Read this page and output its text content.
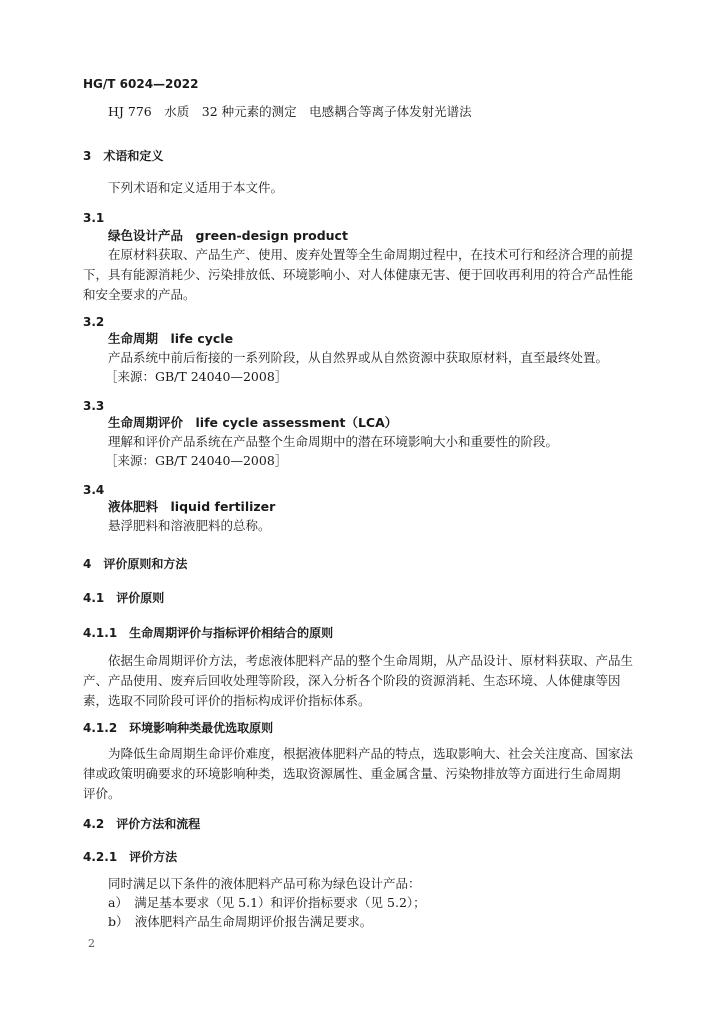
HG/T 6024—2022
HJ 776　水质　32 种元素的测定　电感耦合等离子体发射光谱法
3　术语和定义
下列术语和定义适用于本文件。
3.1
绿色设计产品　green-design product
在原材料获取、产品生产、使用、废弃处置等全生命周期过程中，在技术可行和经济合理的前提
下，具有能源消耗少、污染排放低、环境影响小、对人体健康无害、便于回收再利用的符合产品性能
和安全要求的产品。
3.2
生命周期　life cycle
产品系统中前后衔接的一系列阶段，从自然界或从自然资源中获取原材料，直至最终处置。
［来源：GB/T 24040—2008］
3.3
生命周期评价　life cycle assessment（LCA）
理解和评价产品系统在产品整个生命周期中的潜在环境影响大小和重要性的阶段。
［来源：GB/T 24040—2008］
3.4
液体肥料　liquid fertilizer
悬浮肥料和溶液肥料的总称。
4　评价原则和方法
4.1　评价原则
4.1.1　生命周期评价与指标评价相结合的原则
依据生命周期评价方法，考虑液体肥料产品的整个生命周期，从产品设计、原材料获取、产品生
产、产品使用、废弃后回收处理等阶段，深入分析各个阶段的资源消耗、生态环境、人体健康等因
素，选取不同阶段可评价的指标构成评价指标体系。
4.1.2　环境影响种类最优选取原则
为降低生命周期生命评价难度，根据液体肥料产品的特点，选取影响大、社会关注度高、国家法
律或政策明确要求的环境影响种类，选取资源属性、重金属含量、污染物排放等方面进行生命周期
评价。
4.2　评价方法和流程
4.2.1　评价方法
同时满足以下条件的液体肥料产品可称为绿色设计产品：
a）　满足基本要求（见 5.1）和评价指标要求（见 5.2）；
b）　液体肥料产品生命周期评价报告满足要求。
2
